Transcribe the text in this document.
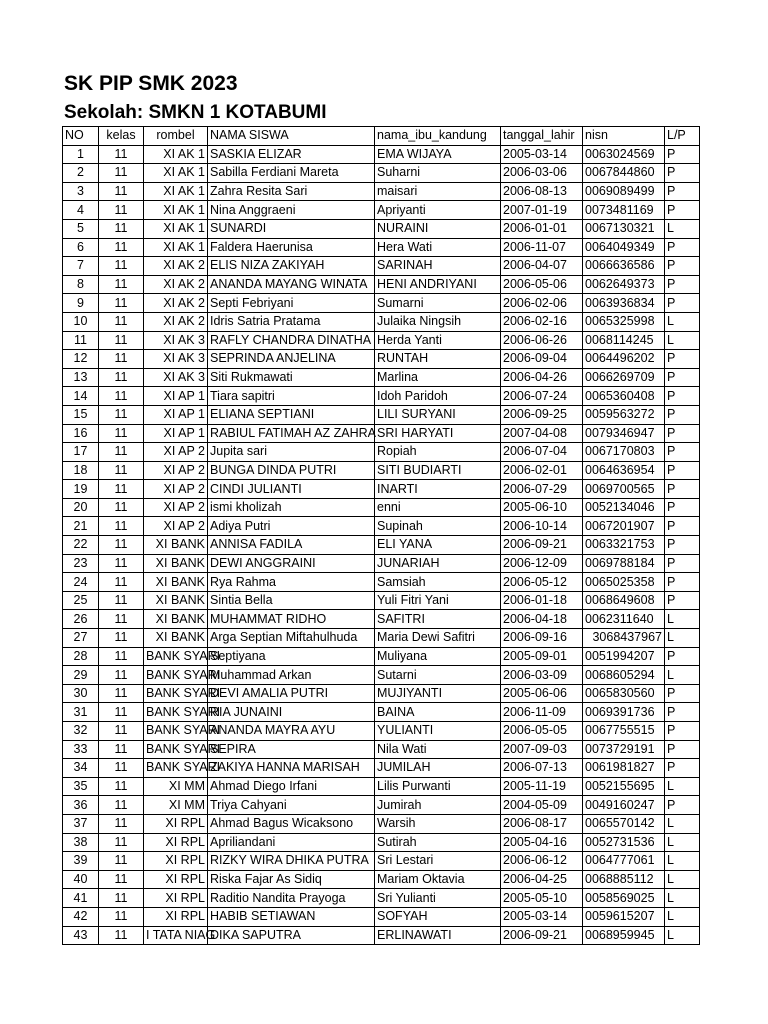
SK PIP SMK 2023
Sekolah: SMKN 1 KOTABUMI
NO	kelas	rombel	NAMA SISWA	nama_ibu_kandung	tanggal_lahir	nisn	L/P
1	11	XI AK 1	SASKIA ELIZAR	EMA WIJAYA	2005-03-14	0063024569	P
2	11	XI AK 1	Sabilla Ferdiani Mareta	Suharni	2006-03-06	0067844860	P
3	11	XI AK 1	Zahra Resita Sari	maisari	2006-08-13	0069089499	P
4	11	XI AK 1	Nina Anggraeni	Apriyanti	2007-01-19	0073481169	P
5	11	XI AK 1	SUNARDI	NURAINI	2006-01-01	0067130321	L
6	11	XI AK 1	Faldera Haerunisa	Hera Wati	2006-11-07	0064049349	P
7	11	XI AK 2	ELIS NIZA ZAKIYAH	SARINAH	2006-04-07	0066636586	P
8	11	XI AK 2	ANANDA MAYANG WINATA	HENI ANDRIYANI	2006-05-06	0062649373	P
9	11	XI AK 2	Septi Febriyani	Sumarni	2006-02-06	0063936834	P
10	11	XI AK 2	Idris Satria Pratama	Julaika Ningsih	2006-02-16	0065325998	L
11	11	XI AK 3	RAFLY CHANDRA DINATHA	Herda Yanti	2006-06-26	0068114245	L
12	11	XI AK 3	SEPRINDA ANJELINA	RUNTAH	2006-09-04	0064496202	P
13	11	XI AK 3	Siti Rukmawati	Marlina	2006-04-26	0066269709	P
14	11	XI AP 1	Tiara sapitri	Idoh Paridoh	2006-07-24	0065360408	P
15	11	XI AP 1	ELIANA SEPTIANI	LILI SURYANI	2006-09-25	0059563272	P
16	11	XI AP 1	RABIUL FATIMAH AZ ZAHRA	SRI HARYATI	2007-04-08	0079346947	P
17	11	XI AP 2	Jupita sari	Ropiah	2006-07-04	0067170803	P
18	11	XI AP 2	BUNGA DINDA PUTRI	SITI BUDIARTI	2006-02-01	0064636954	P
19	11	XI AP 2	CINDI JULIANTI	INARTI	2006-07-29	0069700565	P
20	11	XI AP 2	ismi kholizah	enni	2005-06-10	0052134046	P
21	11	XI AP 2	Adiya Putri	Supinah	2006-10-14	0067201907	P
22	11	XI BANK	ANNISA FADILA	ELI YANA	2006-09-21	0063321753	P
23	11	XI BANK	DEWI ANGGRAINI	JUNARIAH	2006-12-09	0069788184	P
24	11	XI BANK	Rya Rahma	Samsiah	2006-05-12	0065025358	P
25	11	XI BANK	Sintia Bella	Yuli Fitri Yani	2006-01-18	0068649608	P
26	11	XI BANK	MUHAMMAT RIDHO	SAFITRI	2006-04-18	0062311640	L
27	11	XI BANK	Arga Septian Miftahulhuda	Maria Dewi Safitri	2006-09-16	3068437967	L
28	11	BANK SYARI	Septiyana	Muliyana	2005-09-01	0051994207	P
29	11	BANK SYARI	Muhammad Arkan	Sutarni	2006-03-09	0068605294	L
30	11	BANK SYARI	DEVI AMALIA PUTRI	MUJIYANTI	2005-06-06	0065830560	P
31	11	BANK SYARI	RIA JUNAINI	BAINA	2006-11-09	0069391736	P
32	11	BANK SYARI	ANANDA MAYRA AYU	YULIANTI	2006-05-05	0067755515	P
33	11	BANK SYARI	SEPIRA	Nila Wati	2007-09-03	0073729191	P
34	11	BANK SYARI	ZAKIYA HANNA MARISAH	JUMILAH	2006-07-13	0061981827	P
35	11	XI MM	Ahmad Diego Irfani	Lilis Purwanti	2005-11-19	0052155695	L
36	11	XI MM	Triya Cahyani	Jumirah	2004-05-09	0049160247	P
37	11	XI RPL	Ahmad Bagus Wicaksono	Warsih	2006-08-17	0065570142	L
38	11	XI RPL	Apriliandani	Sutirah	2005-04-16	0052731536	L
39	11	XI RPL	RIZKY WIRA DHIKA PUTRA	Sri Lestari	2006-06-12	0064777061	L
40	11	XI RPL	Riska Fajar As Sidiq	Mariam Oktavia	2006-04-25	0068885112	L
41	11	XI RPL	Raditio Nandita Prayoga	Sri Yulianti	2005-05-10	0058569025	L
42	11	XI RPL	HABIB SETIAWAN	SOFYAH	2005-03-14	0059615207	L
43	11	I TATA NIAG	DIKA SAPUTRA	ERLINAWATI	2006-09-21	0068959945	L
